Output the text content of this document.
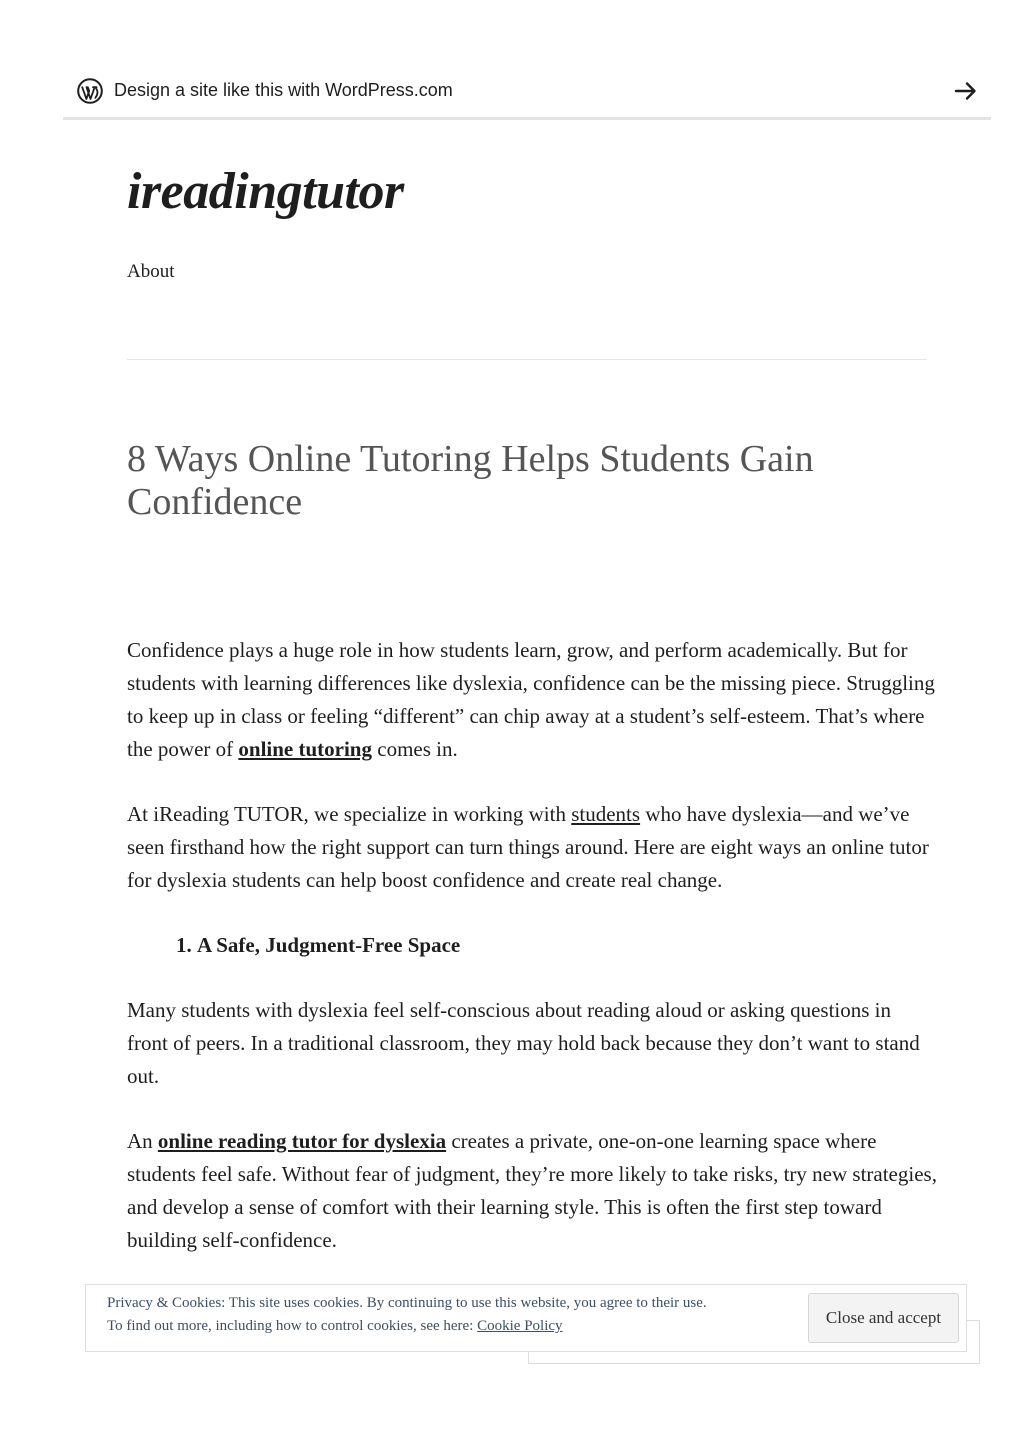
Design a site like this with WordPress.com
ireadingtutor
About
8 Ways Online Tutoring Helps Students Gain Confidence

Confidence plays a huge role in how students learn, grow, and perform academically. But for students with learning differences like dyslexia, confidence can be the missing piece. Struggling to keep up in class or feeling “different” can chip away at a student’s self-esteem. That’s where the power of online tutoring comes in.

At iReading TUTOR, we specialize in working with students who have dyslexia—and we’ve seen firsthand how the right support can turn things around. Here are eight ways an online tutor for dyslexia students can help boost confidence and create real change.

1. A Safe, Judgment-Free Space

Many students with dyslexia feel self-conscious about reading aloud or asking questions in front of peers. In a traditional classroom, they may hold back because they don’t want to stand out.

An online reading tutor for dyslexia creates a private, one-on-one learning space where students feel safe. Without fear of judgment, they’re more likely to take risks, try new strategies, and develop a sense of comfort with their learning style. This is often the first step toward building self-confidence.

Privacy & Cookies: This site uses cookies. By continuing to use this website, you agree to their use.
To find out more, including how to control cookies, see here: Cookie Policy	Close and accept
